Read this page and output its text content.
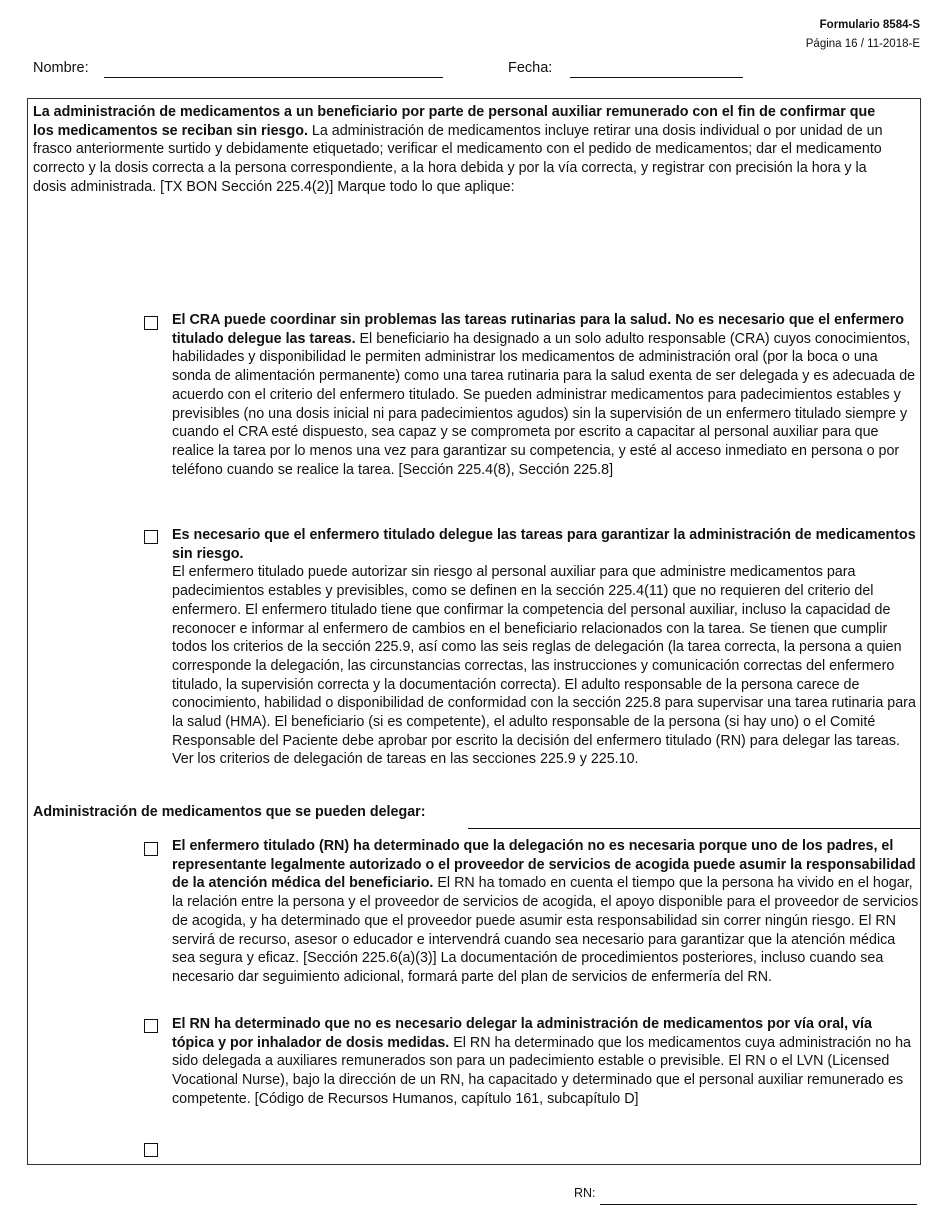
Formulario 8584-S
Página 16 / 11-2018-E
Nombre:	Fecha:
La administración de medicamentos a un beneficiario por parte de personal auxiliar remunerado con el fin de confirmar que los medicamentos se reciban sin riesgo. La administración de medicamentos incluye retirar una dosis individual o por unidad de un frasco anteriormente surtido y debidamente etiquetado; verificar el medicamento con el pedido de medicamentos; dar el medicamento correcto y la dosis correcta a la persona correspondiente, a la hora debida y por la vía correcta, y registrar con precisión la hora y la dosis administrada. [TX BON Sección 225.4(2)] Marque todo lo que aplique:
El CRA puede coordinar sin problemas las tareas rutinarias para la salud. No es necesario que el enfermero titulado delegue las tareas. El beneficiario ha designado a un solo adulto responsable (CRA) cuyos conocimientos, habilidades y disponibilidad le permiten administrar los medicamentos de administración oral (por la boca o una sonda de alimentación permanente) como una tarea rutinaria para la salud exenta de ser delegada y es adecuada de acuerdo con el criterio del enfermero titulado. Se pueden administrar medicamentos para padecimientos estables y previsibles (no una dosis inicial ni para padecimientos agudos) sin la supervisión de un enfermero titulado siempre y cuando el CRA esté dispuesto, sea capaz y se comprometa por escrito a capacitar al personal auxiliar para que realice la tarea por lo menos una vez para garantizar su competencia, y esté al acceso inmediato en persona o por teléfono cuando se realice la tarea. [Sección 225.4(8), Sección 225.8]
Es necesario que el enfermero titulado delegue las tareas para garantizar la administración de medicamentos sin riesgo.
El enfermero titulado puede autorizar sin riesgo al personal auxiliar para que administre medicamentos para padecimientos estables y previsibles, como se definen en la sección 225.4(11) que no requieren del criterio del enfermero. El enfermero titulado tiene que confirmar la competencia del personal auxiliar, incluso la capacidad de reconocer e informar al enfermero de cambios en el beneficiario relacionados con la tarea. Se tienen que cumplir todos los criterios de la sección 225.9, así como las seis reglas de delegación (la tarea correcta, la persona a quien corresponde la delegación, las circunstancias correctas, las instrucciones y comunicación correctas del enfermero titulado, la supervisión correcta y la documentación correcta). El adulto responsable de la persona carece de conocimiento, habilidad o disponibilidad de conformidad con la sección 225.8 para supervisar una tarea rutinaria para la salud (HMA). El beneficiario (si es competente), el adulto responsable de la persona (si hay uno) o el Comité Responsable del Paciente debe aprobar por escrito la decisión del enfermero titulado (RN) para delegar las tareas. Ver los criterios de delegación de tareas en las secciones 225.9 y 225.10.
Administración de medicamentos que se pueden delegar:
El enfermero titulado (RN) ha determinado que la delegación no es necesaria porque uno de los padres, el representante legalmente autorizado o el proveedor de servicios de acogida puede asumir la responsabilidad de la atención médica del beneficiario. El RN ha tomado en cuenta el tiempo que la persona ha vivido en el hogar, la relación entre la persona y el proveedor de servicios de acogida, el apoyo disponible para el proveedor de servicios de acogida, y ha determinado que el proveedor puede asumir esta responsabilidad sin correr ningún riesgo. El RN servirá de recurso, asesor o educador e intervendrá cuando sea necesario para garantizar que la atención médica sea segura y eficaz. [Sección 225.6(a)(3)] La documentación de procedimientos posteriores, incluso cuando sea necesario dar seguimiento adicional, formará parte del plan de servicios de enfermería del RN.
El RN ha determinado que no es necesario delegar la administración de medicamentos por vía oral, vía tópica y por inhalador de dosis medidas. El RN ha determinado que los medicamentos cuya administración no ha sido delegada a auxiliares remunerados son para un padecimiento estable o previsible. El RN o el LVN (Licensed Vocational Nurse), bajo la dirección de un RN, ha capacitado y determinado que el personal auxiliar remunerado es competente. [Código de Recursos Humanos, capítulo 161, subcapítulo D]
RN:
